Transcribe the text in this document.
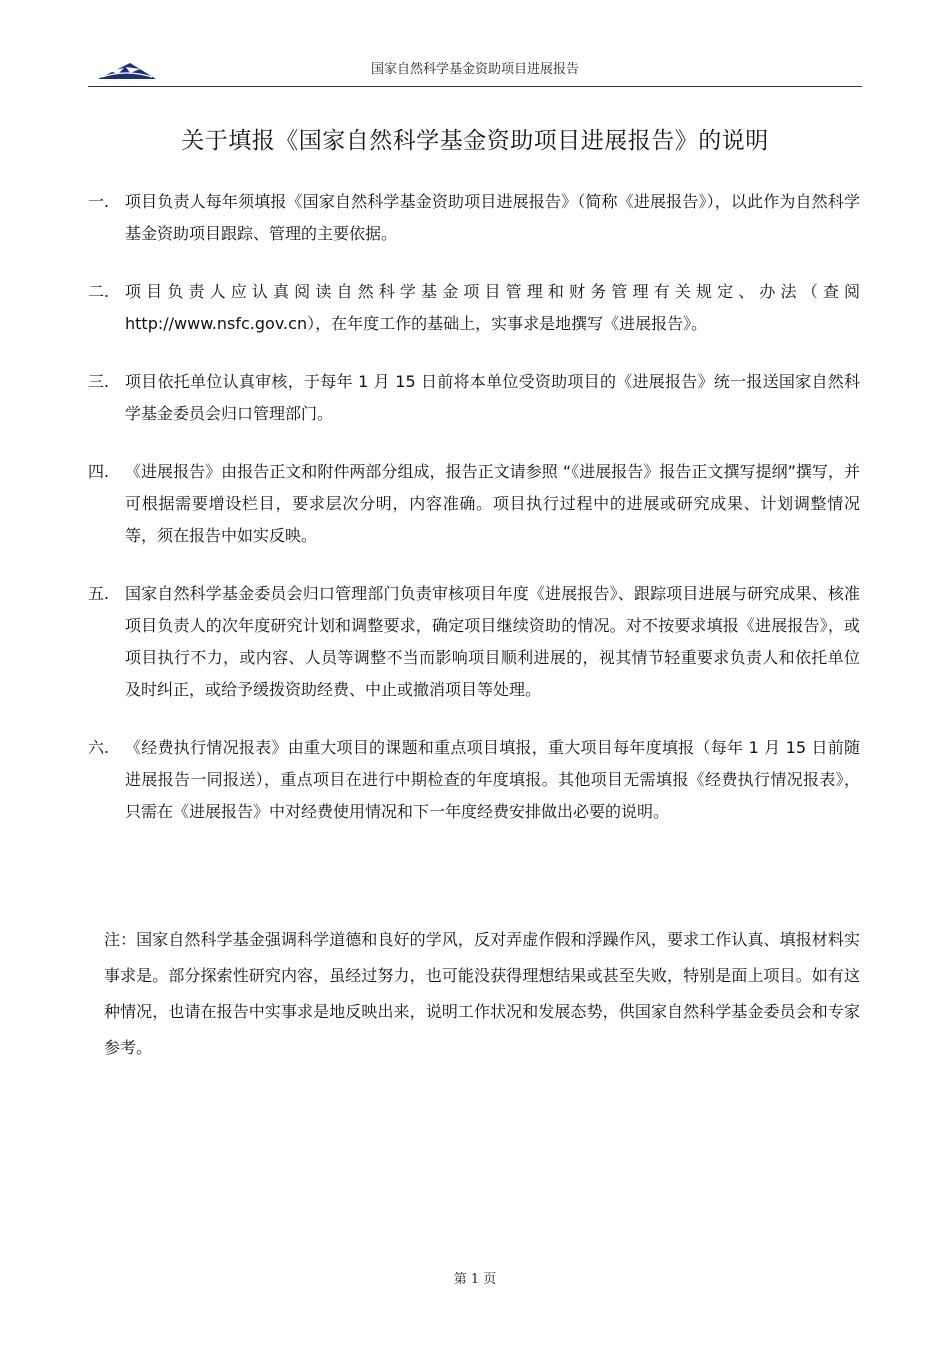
国家自然科学基金资助项目进展报告
关于填报《国家自然科学基金资助项目进展报告》的说明
一. 项目负责人每年须填报《国家自然科学基金资助项目进展报告》（简称《进展报告》），以此作为自然科学基金资助项目跟踪、管理的主要依据。
二. 项目负责人应认真阅读自然科学基金项目管理和财务管理有关规定、办法（查阅http://www.nsfc.gov.cn），在年度工作的基础上，实事求是地撰写《进展报告》。
三. 项目依托单位认真审核，于每年 1 月 15 日前将本单位受资助项目的《进展报告》统一报送国家自然科学基金委员会归口管理部门。
四. 《进展报告》由报告正文和附件两部分组成，报告正文请参照 “《进展报告》报告正文撰写提纲”撰写，并可根据需要增设栏目，要求层次分明，内容准确。项目执行过程中的进展或研究成果、计划调整情况等，须在报告中如实反映。
五. 国家自然科学基金委员会归口管理部门负责审核项目年度《进展报告》、跟踪项目进展与研究成果、核准项目负责人的次年度研究计划和调整要求，确定项目继续资助的情况。对不按要求填报《进展报告》，或项目执行不力，或内容、人员等调整不当而影响项目顺利进展的，视其情节轻重要求负责人和依托单位及时纠正，或给予缓拨资助经费、中止或撤消项目等处理。
六. 《经费执行情况报表》由重大项目的课题和重点项目填报，重大项目每年度填报（每年 1 月 15 日前随进展报告一同报送），重点项目在进行中期检查的年度填报。其他项目无需填报《经费执行情况报表》，只需在《进展报告》中对经费使用情况和下一年度经费安排做出必要的说明。
注：国家自然科学基金强调科学道德和良好的学风，反对弄虚作假和浮躁作风，要求工作认真、填报材料实事求是。部分探索性研究内容，虽经过努力，也可能没获得理想结果或甚至失败，特别是面上项目。如有这种情况，也请在报告中实事求是地反映出来，说明工作状况和发展态势，供国家自然科学基金委员会和专家参考。
第 1 页
